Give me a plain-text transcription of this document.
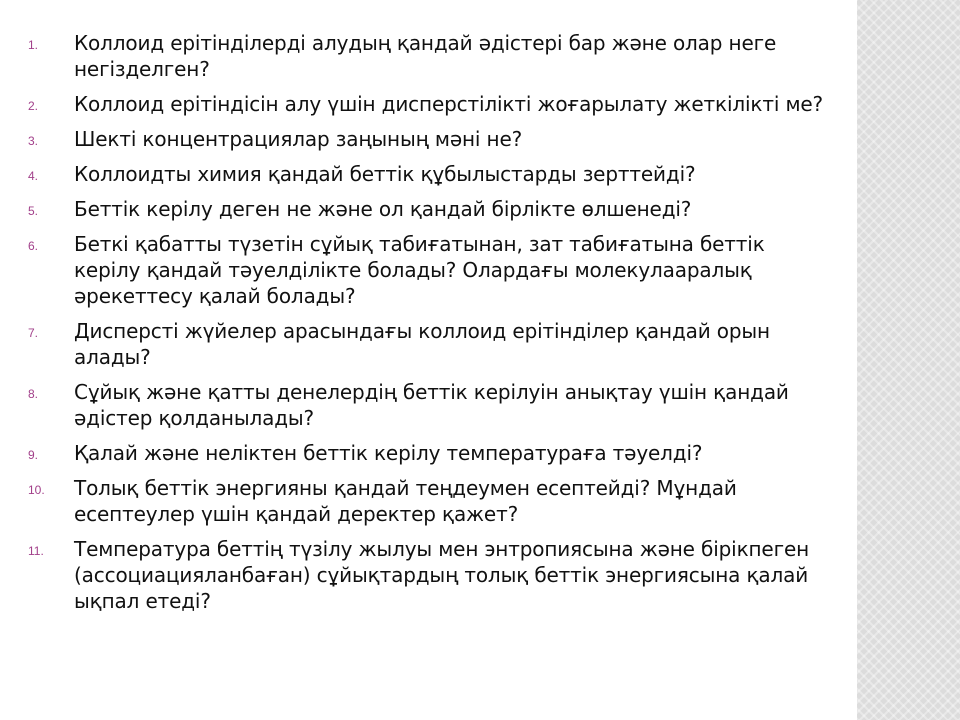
1.	Коллоид ерітінділерді алудың қандай әдістері бар және олар неге негізделген?
2.	Коллоид ерітіндісін алу үшін дисперстілікті жоғарылату жеткілікті ме?
3.	Шекті концентрациялар заңының мәні не?
4.	Коллоидты химия қандай беттік құбылыстарды зерттейді?
5.	Беттік керілу деген не және ол қандай бірлікте өлшенеді?
6.	Беткі қабатты түзетін сұйық табиғатынан, зат табиғатына беттік керілу қандай тәуелділікте болады? Олардағы молекулааралық әрекеттесу қалай болады?
7.	Дисперсті жүйелер арасындағы коллоид ерітінділер қандай орын алады?
8.	Сұйық және қатты денелердің беттік керілуін анықтау үшін қандай әдістер қолданылады?
9.	Қалай және неліктен беттік керілу температураға тәуелді?
10.	Толық беттік энергияны қандай теңдеумен есептейді? Мұндай есептеулер үшін қандай деректер қажет?
11.	Температура беттің түзілу жылуы мен энтропиясына және бірікпеген (ассоциацияланбаған) сұйықтардың толық беттік энергиясына қалай ықпал етеді?
